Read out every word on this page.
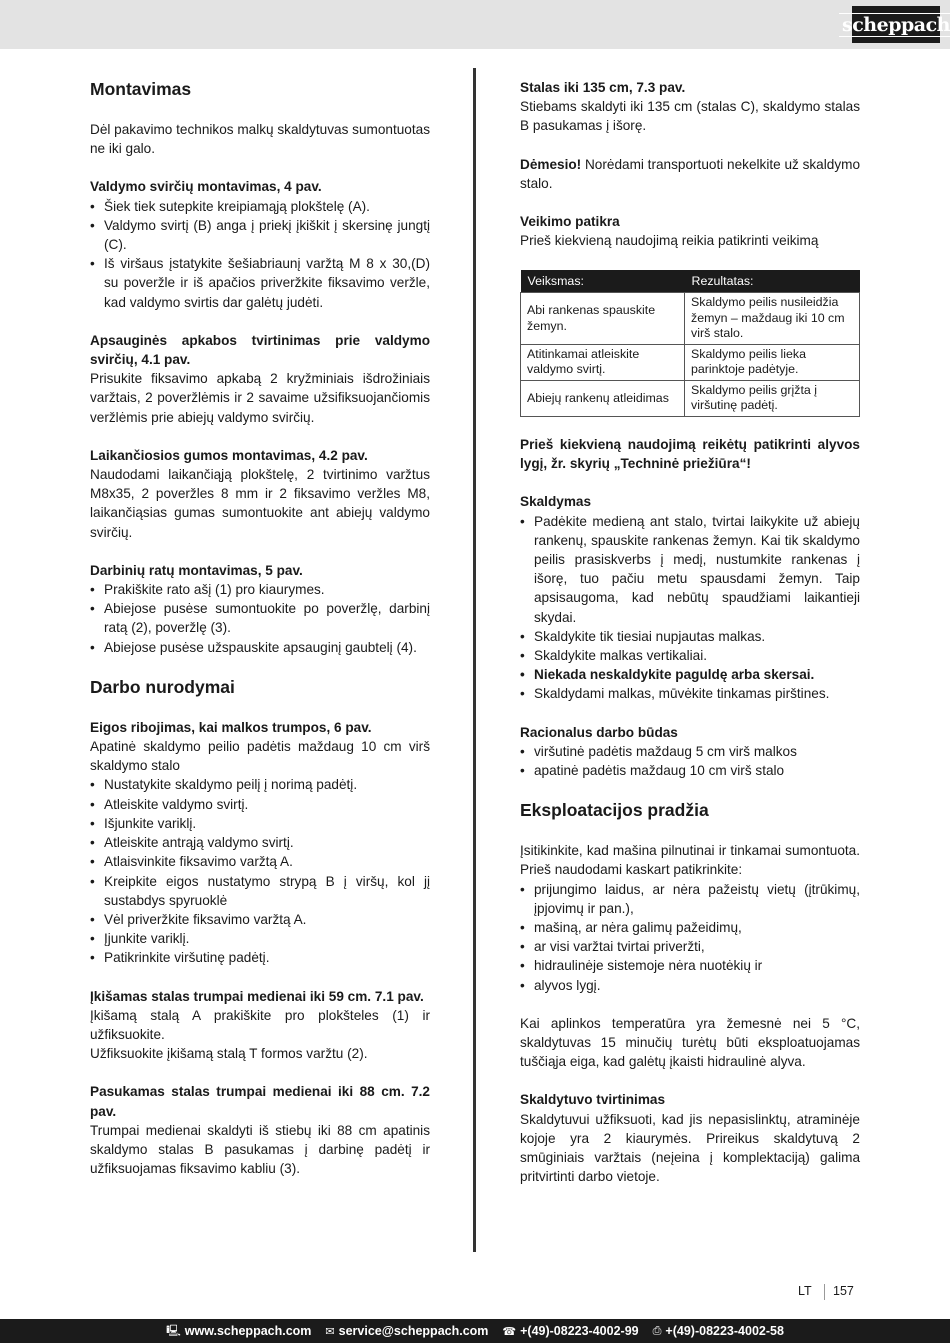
scheppach
Montavimas

Dėl pakavimo technikos malkų skaldytuvas sumontuotas ne iki galo.

Valdymo svirčių montavimas, 4 pav.
• Šiek tiek sutepkite kreipiamąją plokštelę (A).
• Valdymo svirtį (B) anga į priekį įkiškit į skersinę jungtį (C).
• Iš viršaus įstatykite šešiabriaunį varžtą M 8 x 30,(D) su poveržle ir iš apačios priveržkite fiksavimo veržle, kad valdymo svirtis dar galėtų judėti.
Apsauginės apkabos tvirtinimas prie valdymo svirčių, 4.1 pav.

Prisukite fiksavimo apkabą 2 kryžminiais išdrožiniais varžtais, 2 poveržlėmis ir 2 savaime užsifiksuojančiomis veržlėmis prie abiejų valdymo svirčių.

Laikančiosios gumos montavimas, 4.2 pav.

Naudodami laikančiąją plokštelę, 2 tvirtinimo varžtus M8x35, 2 poveržles 8 mm ir 2 fiksavimo veržles M8, laikančiąsias gumas sumontuokite ant abiejų valdymo svirčių.

Darbinių ratų montavimas, 5 pav.
• Prakiškite rato ašį (1) pro kiaurymes.
• Abiejose pusėse sumontuokite po poveržlę, darbinį ratą (2), poveržlę (3).
• Abiejose pusėse užspauskite apsauginį gaubtelį (4).
Darbo nurodymai
Eigos ribojimas, kai malkos trumpos, 6 pav.

Apatinė skaldymo peilio padėtis maždaug 10 cm virš skaldymo stalo

• Nustatykite skaldymo peilį į norimą padėtį.
• Atleiskite valdymo svirtį.
• Išjunkite variklį.
• Atleiskite antrąją valdymo svirtį.
• Atlaisvinkite fiksavimo varžtą A.
• Kreipkite eigos nustatymo strypą B į viršų, kol jį sustabdys spyruoklė
• Vėl priveržkite fiksavimo varžtą A.
• Įjunkite variklį.
• Patikrinkite viršutinę padėtį.
Įkišamas stalas trumpai medienai iki 59 cm. 7.1 pav.

Įkišamą stalą A prakiškite pro plokšteles (1) ir užfiksuokite.

Užfiksuokite įkišamą stalą T formos varžtu (2).

Pasukamas stalas trumpai medienai iki 88 cm. 7.2 pav.

Trumpai medienai skaldyti iš stiebų iki 88 cm apatinis skaldymo stalas B pasukamas į darbinę padėtį ir užfiksuojamas fiksavimo kabliu (3).

Stalas iki 135 cm, 7.3 pav.

Stiebams skaldyti iki 135 cm (stalas C), skaldymo stalas B pasukamas į išorę.

Dėmesio! Norėdami transportuoti nekelkite už skaldymo stalo.

Veikimo patikra

Prieš kiekvieną naudojimą reikia patikrinti veikimą

Veiksmas:	Rezultatas:
Abi rankenas spauskite žemyn.	Skaldymo peilis nusileidžia žemyn – maždaug iki 10 cm virš stalo.
Atitinkamai atleiskite valdymo svirtį.	Skaldymo peilis lieka parinktoje padėtyje.
Abiejų rankenų atleidimas	Skaldymo peilis grįžta į viršutinę padėtį.

Prieš kiekvieną naudojimą reikėtų patikrinti alyvos lygį, žr. skyrių „Techninė priežiūra“!

Skaldymas
• Padėkite medieną ant stalo, tvirtai laikykite už abiejų rankenų, spauskite rankenas žemyn. Kai tik skaldymo peilis prasiskverbs į medį, nustumkite rankenas į išorę, tuo pačiu metu spausdami žemyn. Taip apsisaugoma, kad nebūtų spaudžiami laikantieji skydai.
• Skaldykite tik tiesiai nupjautas malkas.
• Skaldykite malkas vertikaliai.
• Niekada neskaldykite paguldę arba skersai.
• Skaldydami malkas, mūvėkite tinkamas pirštines.
Racionalus darbo būdas
• viršutinė padėtis maždaug 5 cm virš malkos
• apatinė padėtis maždaug 10 cm virš stalo
Eksploatacijos pradžia

Įsitikinkite, kad mašina pilnutinai ir tinkamai sumontuota. Prieš naudodami kaskart patikrinkite:

• prijungimo laidus, ar nėra pažeistų vietų (įtrūkimų, įpjovimų ir pan.),
• mašiną, ar nėra galimų pažeidimų,
• ar visi varžtai tvirtai priveržti,
• hidraulinėje sistemoje nėra nuotėkių ir
• alyvos lygį.

Kai aplinkos temperatūra yra žemesnė nei 5 °C, skaldytuvas 15 minučių turėtų būti eksploatuojamas tuščiąja eiga, kad galėtų įkaisti hidraulinė alyva.

Skaldytuvo tvirtinimas

Skaldytuvui užfiksuoti, kad jis nepasislinktų, atraminėje kojoje yra 2 kiaurymės. Prireikus skaldytuvą 2 smūginiais varžtais (neįeina į komplektaciją) galima pritvirtinti darbo vietoje.

LT 157
🖳 www.scheppach.com ✉ service@scheppach.com ☎ +(49)-08223-4002-99 ⎙ +(49)-08223-4002-58
